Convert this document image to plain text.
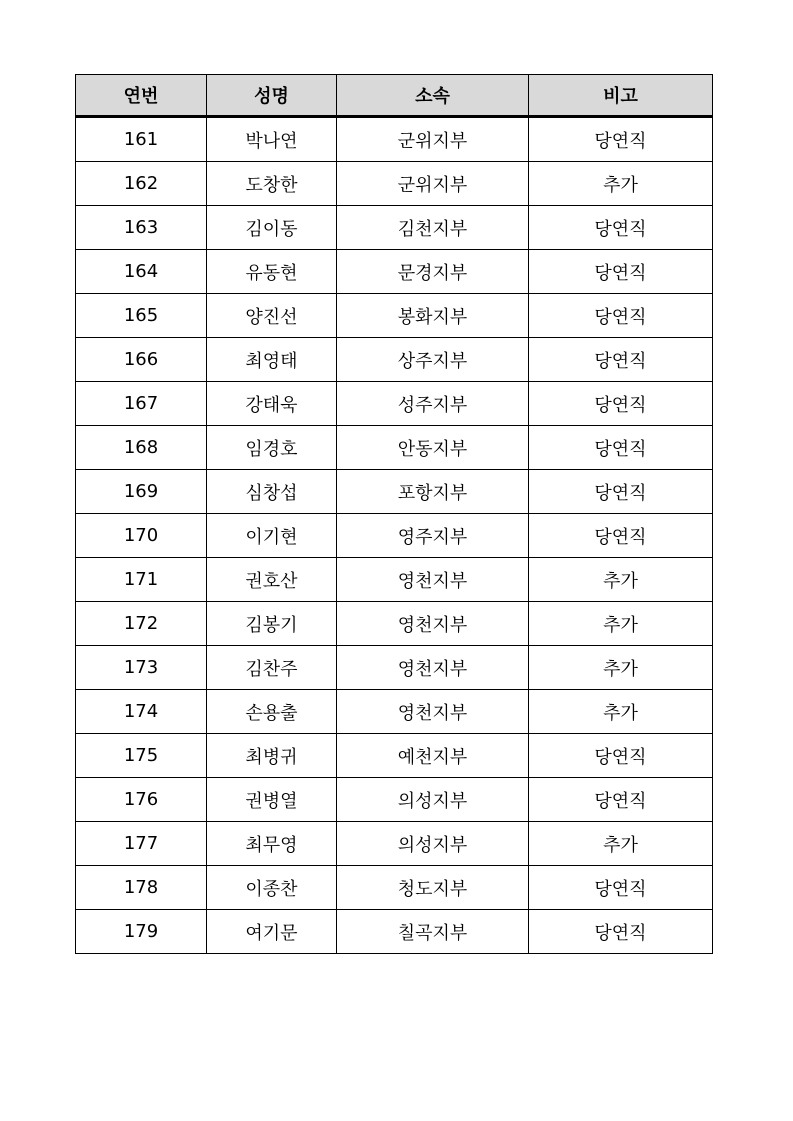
연번	성명	소속	비고
161	박나연	군위지부	당연직
162	도창한	군위지부	추가
163	김이동	김천지부	당연직
164	유동현	문경지부	당연직
165	양진선	봉화지부	당연직
166	최영태	상주지부	당연직
167	강태욱	성주지부	당연직
168	임경호	안동지부	당연직
169	심창섭	포항지부	당연직
170	이기현	영주지부	당연직
171	권호산	영천지부	추가
172	김봉기	영천지부	추가
173	김찬주	영천지부	추가
174	손용출	영천지부	추가
175	최병귀	예천지부	당연직
176	권병열	의성지부	당연직
177	최무영	의성지부	추가
178	이종찬	청도지부	당연직
179	여기문	칠곡지부	당연직
